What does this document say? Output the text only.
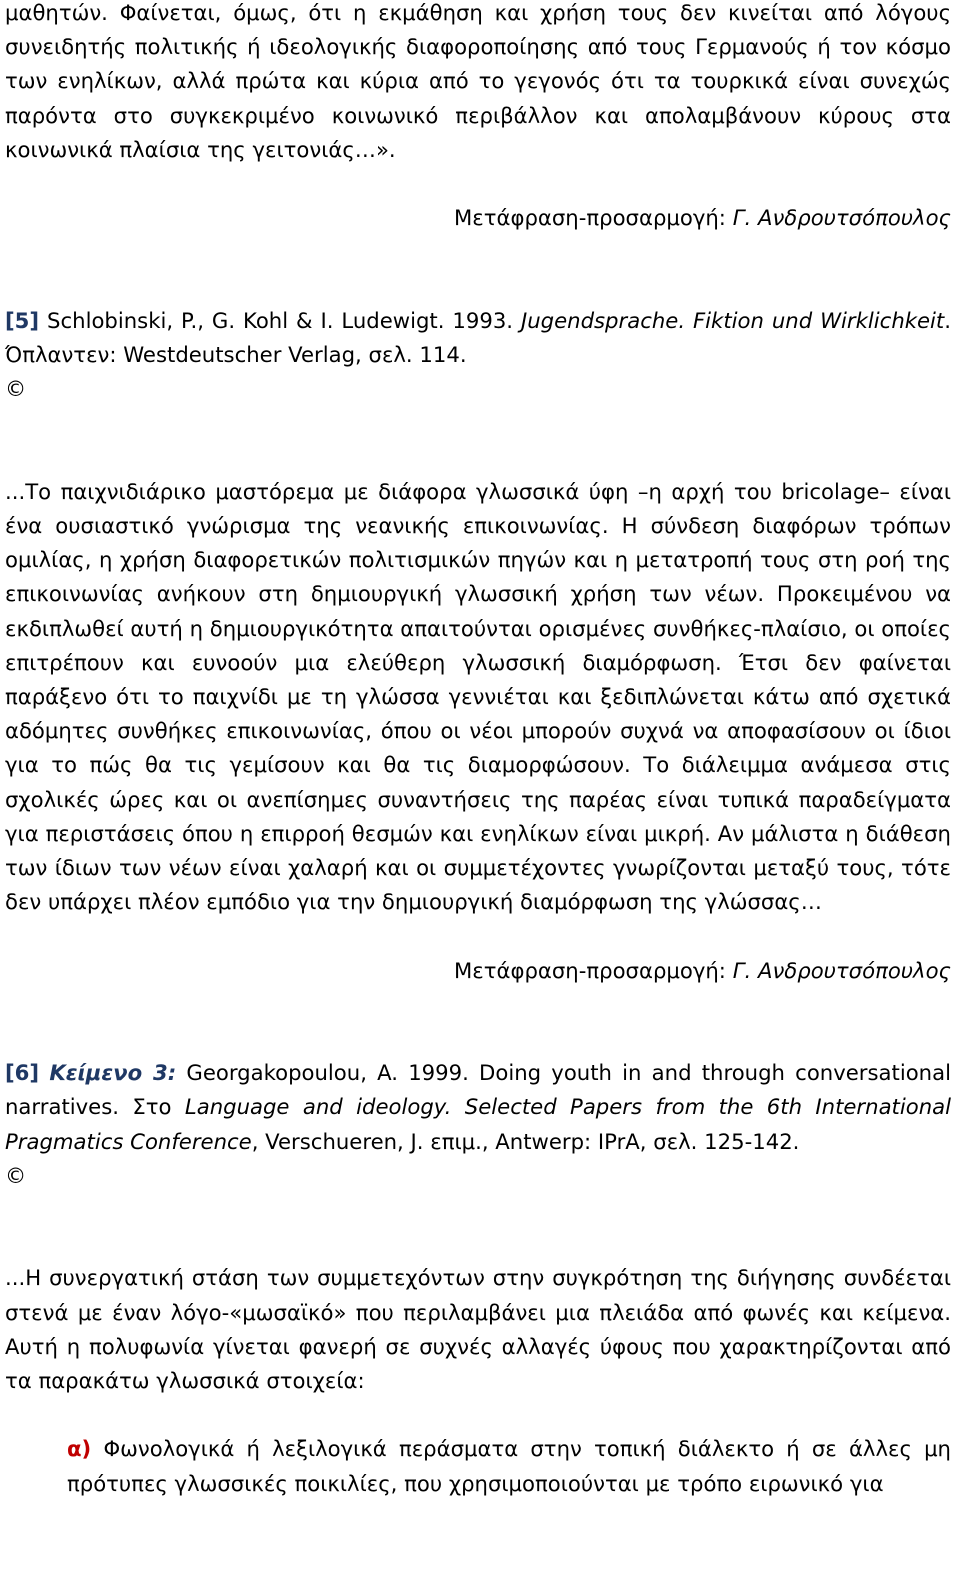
μαθητών. Φαίνεται, όμως, ότι η εκμάθηση και χρήση τους δεν κινείται από λόγους συνειδητής πολιτικής ή ιδεολογικής διαφοροποίησης από τους Γερμανούς ή τον κόσμο των ενηλίκων, αλλά πρώτα και κύρια από το γεγονός ότι τα τουρκικά είναι συνεχώς παρόντα στο συγκεκριμένο κοινωνικό περιβάλλον και απολαμβάνουν κύρους στα κοινωνικά πλαίσια της γειτονιάς…».

Μετάφραση-προσαρμογή: Γ. Ανδρουτσόπουλος

[5] Schlobinski, P., G. Kohl & I. Ludewigt. 1993. Jugendsprache. Fiktion und Wirklichkeit. Όπλαντεν: Westdeutscher Verlag, σελ. 114.

©

...Το παιχνιδιάρικο μαστόρεμα με διάφορα γλωσσικά ύφη –η αρχή του bricolage– είναι ένα ουσιαστικό γνώρισμα της νεανικής επικοινωνίας. Η σύνδεση διαφόρων τρόπων ομιλίας, η χρήση διαφορετικών πολιτισμικών πηγών και η μετατροπή τους στη ροή της επικοινωνίας ανήκουν στη δημιουργική γλωσσική χρήση των νέων. Προκειμένου να εκδιπλωθεί αυτή η δημιουργικότητα απαιτούνται ορισμένες συνθήκες-πλαίσιο, οι οποίες επιτρέπουν και ευνοούν μια ελεύθερη γλωσσική διαμόρφωση. Έτσι δεν φαίνεται παράξενο ότι το παιχνίδι με τη γλώσσα γεννιέται και ξεδιπλώνεται κάτω από σχετικά αδόμητες συνθήκες επικοινωνίας, όπου οι νέοι μπορούν συχνά να αποφασίσουν οι ίδιοι για το πώς θα τις γεμίσουν και θα τις διαμορφώσουν. Το διάλειμμα ανάμεσα στις σχολικές ώρες και οι ανεπίσημες συναντήσεις της παρέας είναι τυπικά παραδείγματα για περιστάσεις όπου η επιρροή θεσμών και ενηλίκων είναι μικρή. Αν μάλιστα η διάθεση των ίδιων των νέων είναι χαλαρή και οι συμμετέχοντες γνωρίζονται μεταξύ τους, τότε δεν υπάρχει πλέον εμπόδιο για την δημιουργική διαμόρφωση της γλώσσας…

Μετάφραση-προσαρμογή: Γ. Ανδρουτσόπουλος

[6] Κείμενο 3: Georgakopoulou, A. 1999. Doing youth in and through conversational narratives. Στο Language and ideology. Selected Papers from the 6th International Pragmatics Conference, Verschueren, J. επιμ., Antwerp: IPrA, σελ. 125-142.

©

...Η συνεργατική στάση των συμμετεχόντων στην συγκρότηση της διήγησης συνδέεται στενά με έναν λόγο-«μωσαϊκό» που περιλαμβάνει μια πλειάδα από φωνές και κείμενα. Αυτή η πολυφωνία γίνεται φανερή σε συχνές αλλαγές ύφους που χαρακτηρίζονται από τα παρακάτω γλωσσικά στοιχεία:

α) Φωνολογικά ή λεξιλογικά περάσματα στην τοπική διάλεκτο ή σε άλλες μη πρότυπες γλωσσικές ποικιλίες, που χρησιμοποιούνται με τρόπο ειρωνικό για
